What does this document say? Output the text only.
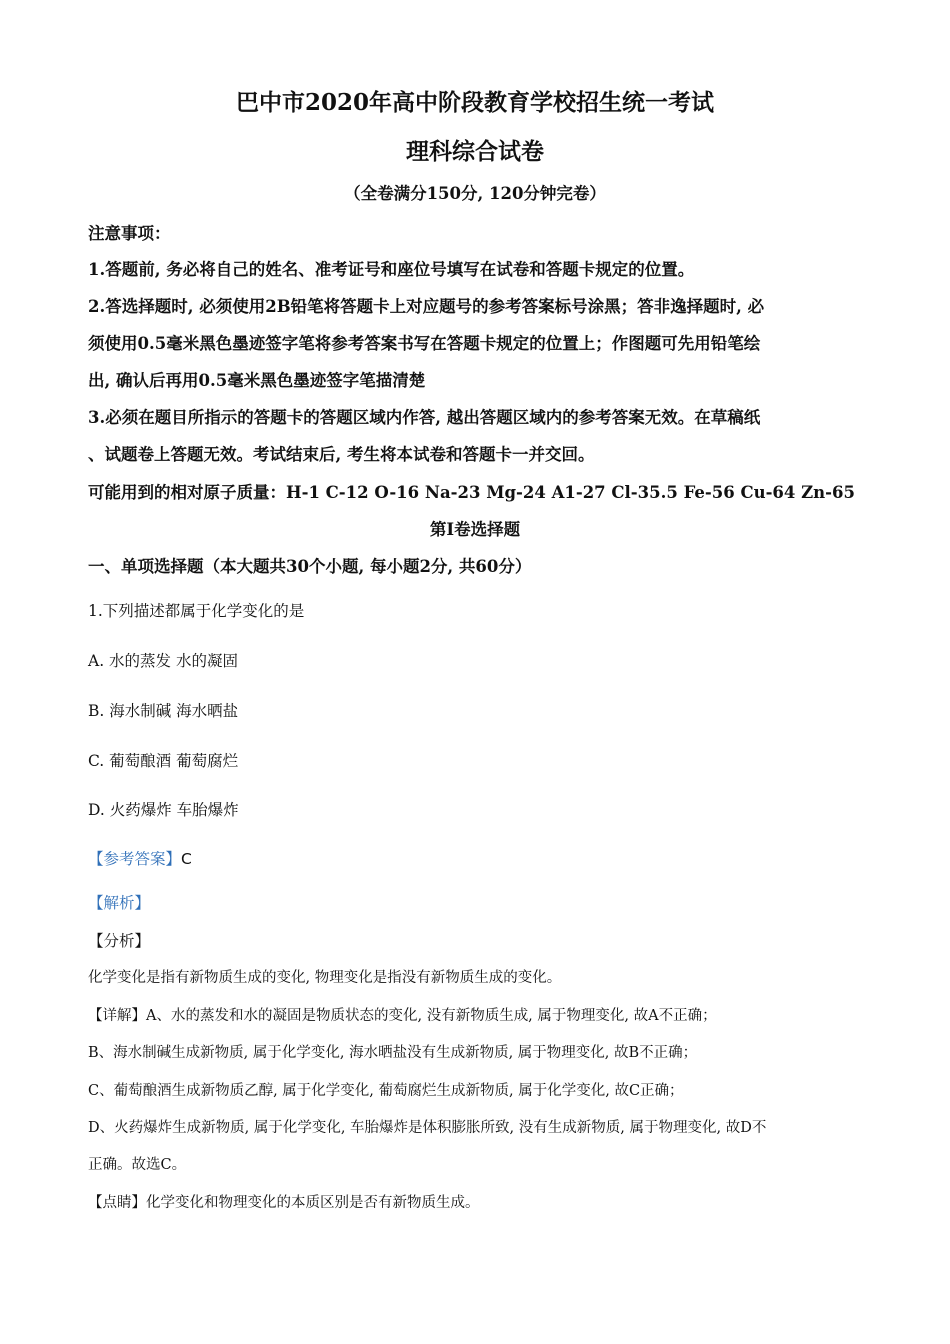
巴中市2020年高中阶段教育学校招生统一考试
理科综合试卷
（全卷满分150分, 120分钟完卷）
注意事项：
1.答题前, 务必将自己的姓名、准考证号和座位号填写在试卷和答题卡规定的位置。
2.答选择题时, 必须使用2B铅笔将答题卡上对应题号的参考答案标号涂黑；答非逸择题时, 必
须使用0.5毫米黑色墨迹签字笔将参考答案书写在答题卡规定的位置上；作图题可先用铅笔绘
出, 确认后再用0.5毫米黑色墨迹签字笔描清楚
3.必须在题目所指示的答题卡的答题区域内作答, 越出答题区域内的参考答案无效。在草稿纸
、试题卷上答题无效。考试结束后, 考生将本试卷和答题卡一并交回。
可能用到的相对原子质量：H-1 C-12 O-16 Na-23 Mg-24 A1-27 Cl-35.5 Fe-56 Cu-64 Zn-65
第Ⅰ卷选择题
一、单项选择题（本大题共30个小题, 每小题2分, 共60分）
1.下列描述都属于化学变化的是
A. 水的蒸发 水的凝固
B. 海水制碱 海水晒盐
C. 葡萄酿酒 葡萄腐烂
D. 火药爆炸 车胎爆炸
【参考答案】C
【解析】
【分析】
化学变化是指有新物质生成的变化, 物理变化是指没有新物质生成的变化。
【详解】A、水的蒸发和水的凝固是物质状态的变化, 没有新物质生成, 属于物理变化, 故A不正确；
B、海水制碱生成新物质, 属于化学变化, 海水晒盐没有生成新物质, 属于物理变化, 故B不正确；
C、葡萄酿酒生成新物质乙醇, 属于化学变化, 葡萄腐烂生成新物质, 属于化学变化, 故C正确；
D、火药爆炸生成新物质, 属于化学变化, 车胎爆炸是体积膨胀所致, 没有生成新物质, 属于物理变化, 故D不
正确。故选C。
【点睛】化学变化和物理变化的本质区别是否有新物质生成。
